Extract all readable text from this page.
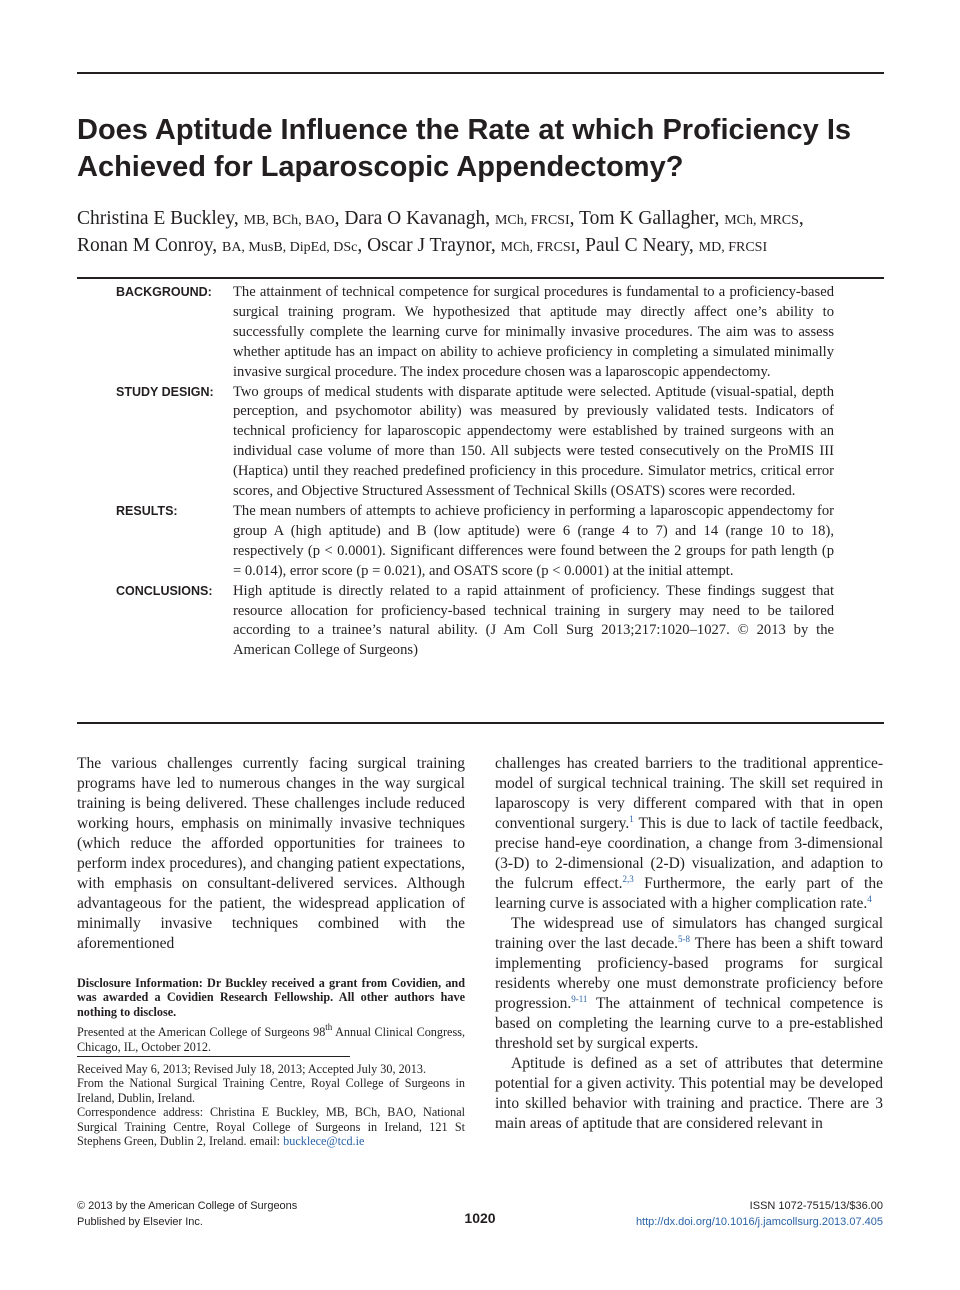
Does Aptitude Influence the Rate at which Proficiency Is Achieved for Laparoscopic Appendectomy?
Christina E Buckley, MB, BCh, BAO, Dara O Kavanagh, MCh, FRCSI, Tom K Gallagher, MCh, MRCS,
Ronan M Conroy, BA, MusB, DipEd, DSc, Oscar J Traynor, MCh, FRCSI, Paul C Neary, MD, FRCSI
BACKGROUND:	The attainment of technical competence for surgical procedures is fundamental to a proficiency-based surgical training program. We hypothesized that aptitude may directly affect one’s ability to successfully complete the learning curve for minimally invasive procedures. The aim was to assess whether aptitude has an impact on ability to achieve proficiency in completing a simulated minimally invasive surgical procedure. The index procedure chosen was a laparoscopic appendectomy.
STUDY DESIGN:	Two groups of medical students with disparate aptitude were selected. Aptitude (visual-spatial, depth perception, and psychomotor ability) was measured by previously validated tests. Indicators of technical proficiency for laparoscopic appendectomy were established by trained surgeons with an individual case volume of more than 150. All subjects were tested consecutively on the ProMIS III (Haptica) until they reached predefined proficiency in this procedure. Simulator metrics, critical error scores, and Objective Structured Assessment of Technical Skills (OSATS) scores were recorded.
RESULTS:	The mean numbers of attempts to achieve proficiency in performing a laparoscopic appendectomy for group A (high aptitude) and B (low aptitude) were 6 (range 4 to 7) and 14 (range 10 to 18), respectively (p < 0.0001). Significant differences were found between the 2 groups for path length (p = 0.014), error score (p = 0.021), and OSATS score (p < 0.0001) at the initial attempt.
CONCLUSIONS:	High aptitude is directly related to a rapid attainment of proficiency. These findings suggest that resource allocation for proficiency-based technical training in surgery may need to be tailored according to a trainee’s natural ability. (J Am Coll Surg 2013;217:1020–1027. © 2013 by the American College of Surgeons)

The various challenges currently facing surgical training programs have led to numerous changes in the way surgical training is being delivered. These challenges include reduced working hours, emphasis on minimally invasive techniques (which reduce the afforded opportunities for trainees to perform index procedures), and changing patient expectations, with emphasis on consultant-delivered services. Although advantageous for the patient, the widespread application of minimally invasive techniques combined with the aforementioned

Disclosure Information: Dr Buckley received a grant from Covidien, and was awarded a Covidien Research Fellowship. All other authors have nothing to disclose.

Presented at the American College of Surgeons 98th Annual Clinical Congress, Chicago, IL, October 2012.

Received May 6, 2013; Revised July 18, 2013; Accepted July 30, 2013.

From the National Surgical Training Centre, Royal College of Surgeons in Ireland, Dublin, Ireland.

Correspondence address: Christina E Buckley, MB, BCh, BAO, National Surgical Training Centre, Royal College of Surgeons in Ireland, 121 St Stephens Green, Dublin 2, Ireland. email: bucklece@tcd.ie

challenges has created barriers to the traditional apprentice-model of surgical technical training. The skill set required in laparoscopy is very different compared with that in open conventional surgery.$^1$ This is due to lack of tactile feedback, precise hand-eye coordination, a change from 3-dimensional (3-D) to 2-dimensional (2-D) visualization, and adaption to the fulcrum effect.$^{2,3}$ Furthermore, the early part of the learning curve is associated with a higher complication rate.$^4$

The widespread use of simulators has changed surgical training over the last decade.$^{5-8}$ There has been a shift toward implementing proficiency-based programs for surgical residents whereby one must demonstrate proficiency before progression.$^{9-11}$ The attainment of technical competence is based on completing the learning curve to a pre-established threshold set by surgical experts.

Aptitude is defined as a set of attributes that determine potential for a given activity. This potential may be developed into skilled behavior with training and practice. There are 3 main areas of aptitude that are considered relevant in

© 2013 by the American College of Surgeons
Published by Elsevier Inc.	1020
ISSN 1072-7515/13/$36.00
http://dx.doi.org/10.1016/j.jamcollsurg.2013.07.405
